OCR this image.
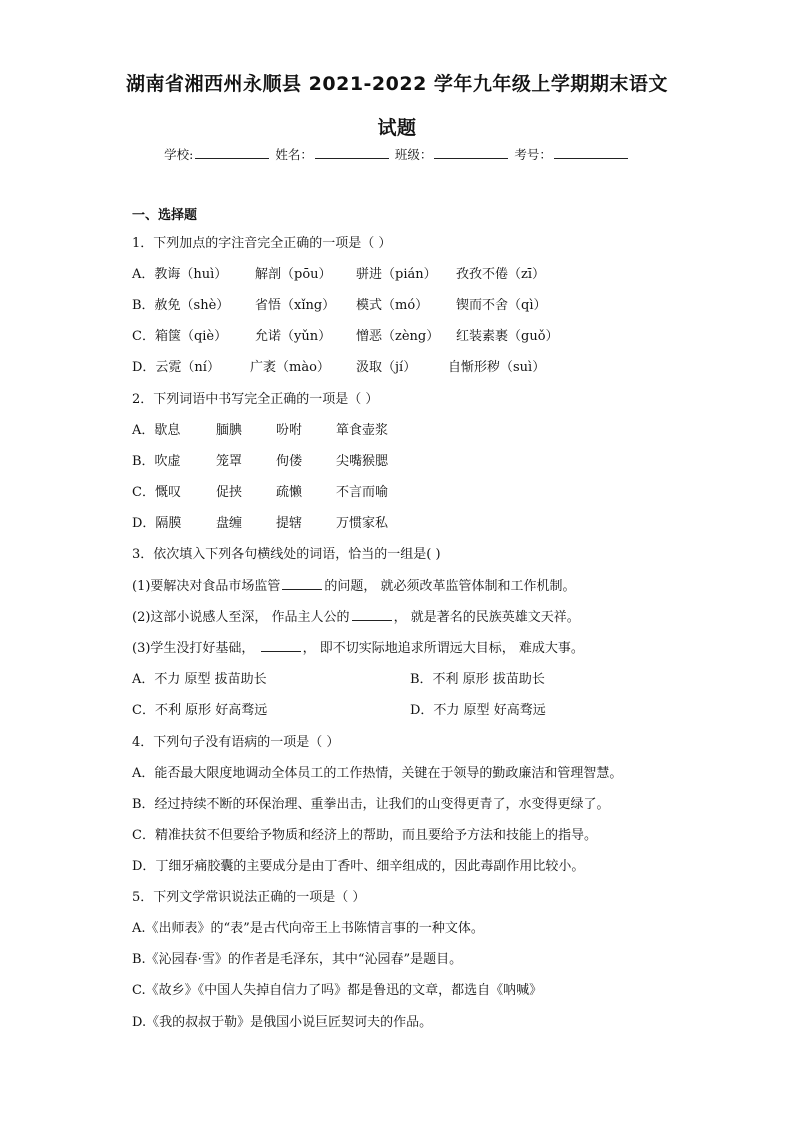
湖南省湘西州永顺县 2021-2022 学年九年级上学期期末语文
试题
学校:	姓名：	班级：	考号：
一、选择题
1．下列加点的字注音完全正确的一项是（ ）
A．教诲（huì） 解剖（pōu） 骈进（pián） 孜孜不倦（zī）
B．赦免（shè） 省悟（xǐng） 模式（mó） 锲而不舍（qì）
C．箱箧（qiè） 允诺（yǔn） 憎恶（zèng） 红装素裹（guǒ）
D．云霓（ní） 广袤（mào） 汲取（jí） 自惭形秽（suì）
2．下列词语中书写完全正确的一项是（ ）
A．歇息	腼腆	吩咐	箪食壶浆
B．吹虚	笼罩	佝偻	尖嘴猴腮
C．慨叹	促挟	疏懒	不言而喻
D．隔膜	盘缠	提辖	万惯家私
3．依次填入下列各句横线处的词语，恰当的一组是( )
(1)要解决对食品市场监管	的问题， 就必须改革监管体制和工作机制。
(2)这部小说感人至深， 作品主人公的	， 就是著名的民族英雄文天祥。
(3)学生没打好基础，	， 即不切实际地追求所谓远大目标， 难成大事。
A．不力 原型 拔苗助长	B．不利 原形 拔苗助长
C．不利 原形 好高骛远	D．不力 原型 好高骛远
4．下列句子没有语病的一项是（ ）
A．能否最大限度地调动全体员工的工作热情，关键在于领导的勤政廉洁和管理智慧。
B．经过持续不断的环保治理、重拳出击，让我们的山变得更青了，水变得更绿了。
C．精准扶贫不但要给予物质和经济上的帮助，而且要给予方法和技能上的指导。
D．丁细牙痛胶囊的主要成分是由丁香叶、细辛组成的，因此毒副作用比较小。
5．下列文学常识说法正确的一项是（ ）
A.《出师表》的“表”是古代向帝王上书陈情言事的一种文体。
B.《沁园春·雪》的作者是毛泽东，其中“沁园春”是题目。
C.《故乡》《中国人失掉自信力了吗》都是鲁迅的文章，都选自《呐喊》
D.《我的叔叔于勒》是俄国小说巨匠契诃夫的作品。
